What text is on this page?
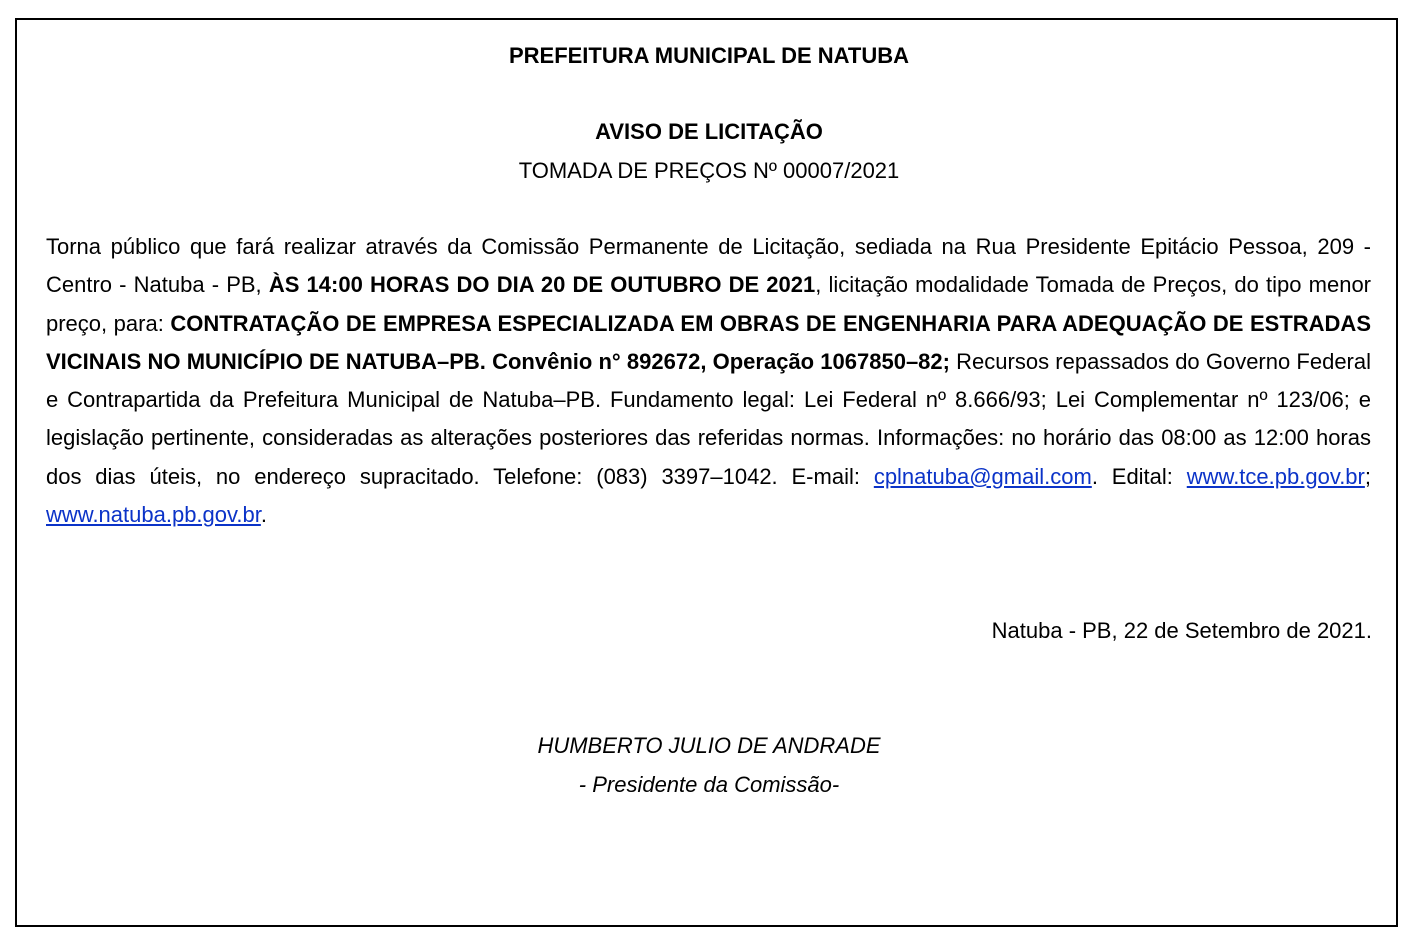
PREFEITURA MUNICIPAL DE NATUBA
AVISO DE LICITAÇÃO
TOMADA DE PREÇOS Nº 00007/2021

Torna público que fará realizar através da Comissão Permanente de Licitação, sediada na Rua Presidente Epitácio Pessoa, 209 - Centro - Natuba - PB, ÀS 14:00 HORAS DO DIA 20 DE OUTUBRO DE 2021, licitação modalidade Tomada de Preços, do tipo menor preço, para: CONTRATAÇÃO DE EMPRESA ESPECIALIZADA EM OBRAS DE ENGENHARIA PARA ADEQUAÇÃO DE ESTRADAS VICINAIS NO MUNICÍPIO DE NATUBA–PB. Convênio n° 892672, Operação 1067850–82; Recursos repassados do Governo Federal e Contrapartida da Prefeitura Municipal de Natuba–PB. Fundamento legal: Lei Federal nº 8.666/93; Lei Complementar nº 123/06; e legislação pertinente, consideradas as alterações posteriores das referidas normas. Informações: no horário das 08:00 as 12:00 horas dos dias úteis, no endereço supracitado. Telefone: (083) 3397–1042. E-mail: cplnatuba@gmail.com. Edital: www.tce.pb.gov.br; www.natuba.pb.gov.br.

Natuba - PB, 22 de Setembro de 2021.
HUMBERTO JULIO DE ANDRADE
- Presidente da Comissão-
